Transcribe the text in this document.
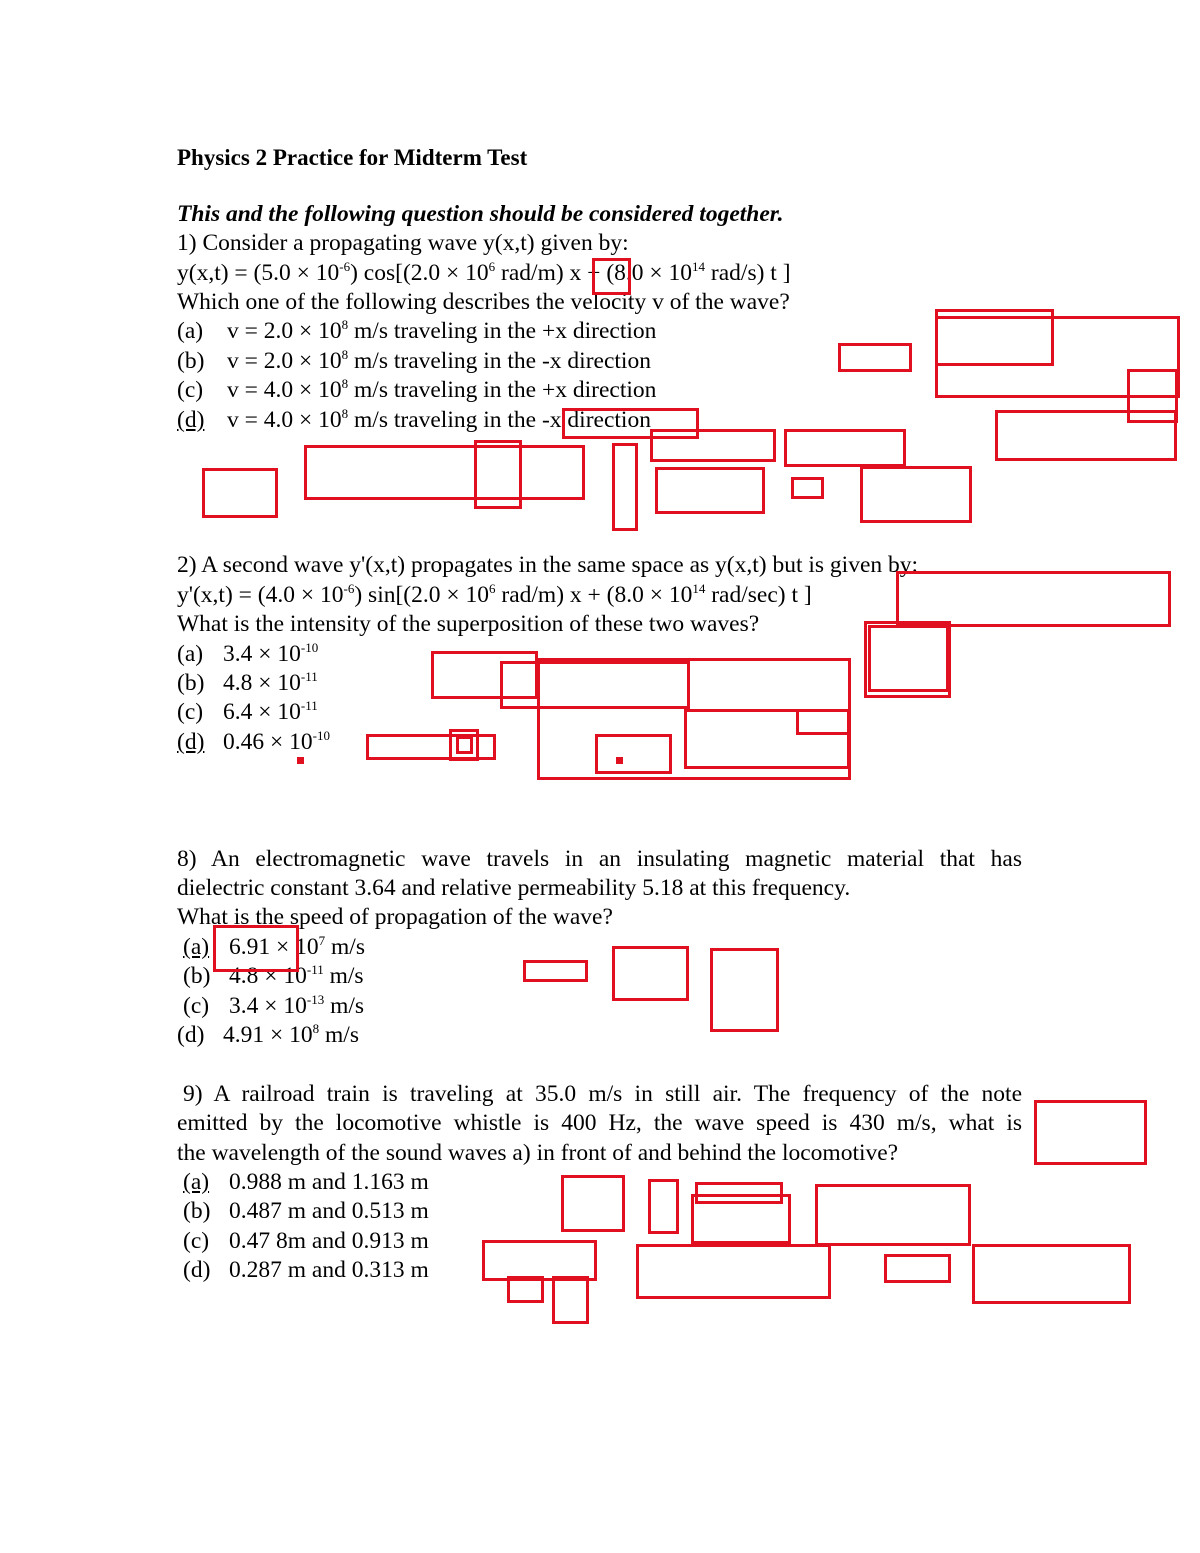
Physics 2 Practice for Midterm Test
This and the following question should be considered together.
1) Consider a propagating wave y(x,t) given by:
$y(x,t) = (5.0 \times 10^{-6})$ $\cos[(2.0 \times 10^6$ rad/m) $x + (8.0 \times 10^{14}$ rad/s) t ]
Which one of the following describes the velocity v of the wave?
(a) $v = 2.0 \times 10^8$ m/s traveling in the +x direction
(b) $v = 2.0 \times 10^8$ m/s traveling in the -x direction
(c) $v = 4.0 \times 10^8$ m/s traveling in the +x direction
(d) $v = 4.0 \times 10^8$ m/s traveling in the -x direction
2) A second wave y'(x,t) propagates in the same space as y(x,t) but is given by:
$y'(x,t) = (4.0 \times 10^{-6})$ $\sin[(2.0 \times 10^6$ rad/m) $x + (8.0 \times 10^{14}$ rad/sec) t ]
What is the intensity of the superposition of these two waves?
(a) $3.4 \times 10^{-10}$
(b) $4.8 \times 10^{-11}$
(c) $6.4 \times 10^{-11}$
(d) $0.46 \times 10^{-10}$
8) An electromagnetic wave travels in an insulating magnetic material that has
dielectric constant 3.64 and relative permeability 5.18 at this frequency.
What is the speed of propagation of the wave?
(a) $6.91 \times 10^7$ m/s
(b) $4.8 \times 10^{-11}$ m/s
(c) $3.4 \times 10^{-13}$ m/s
(d) $4.91 \times 10^8$ m/s
9) A railroad train is traveling at 35.0 m/s in still air. The frequency of the note
emitted by the locomotive whistle is 400 Hz, the wave speed is 430 m/s, what is
the wavelength of the sound waves a) in front of and behind the locomotive?
(a) 0.988 m and 1.163 m
(b) 0.487 m and 0.513 m
(c) 0.47 8m and 0.913 m
(d) 0.287 m and 0.313 m
